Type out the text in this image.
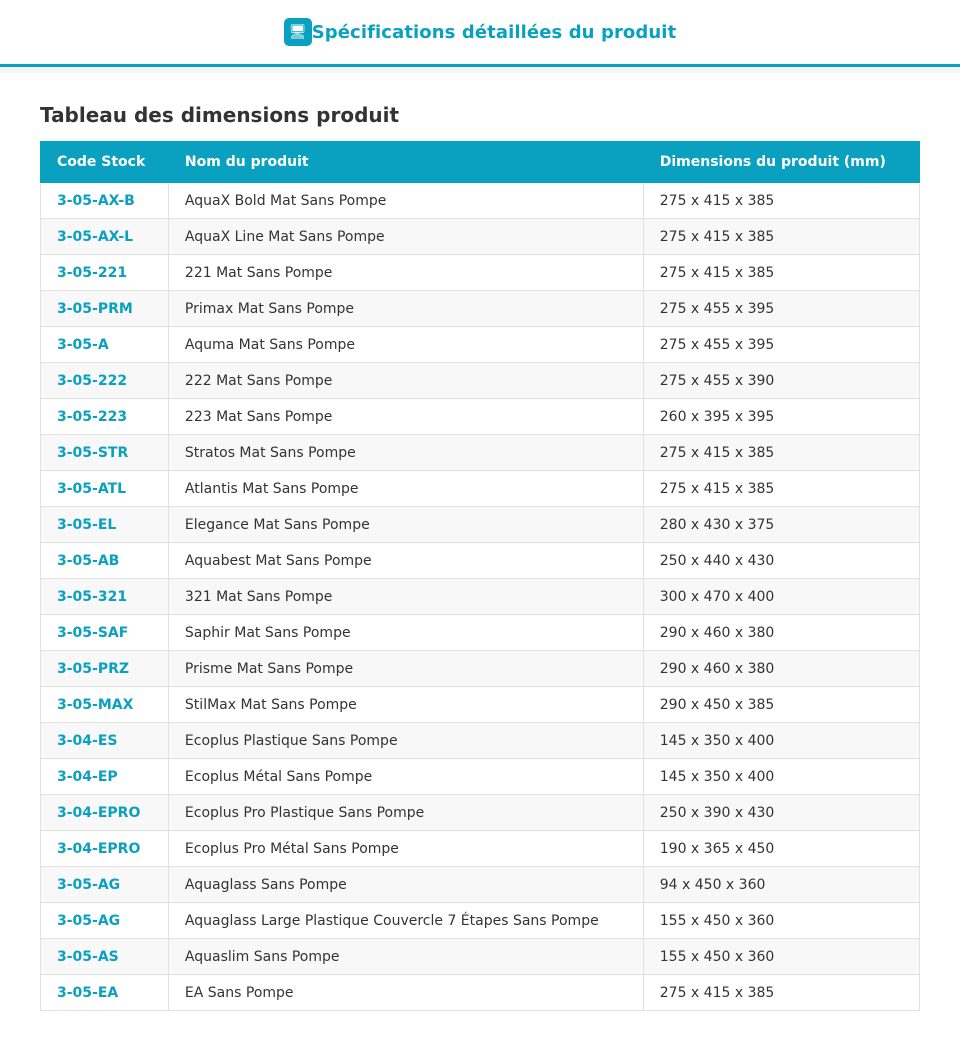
🖥 Spécifications détaillées du produit
Tableau des dimensions produit
Code Stock	Nom du produit	Dimensions du produit (mm)
3-05-AX-B	AquaX Bold Mat Sans Pompe	275 x 415 x 385
3-05-AX-L	AquaX Line Mat Sans Pompe	275 x 415 x 385
3-05-221	221 Mat Sans Pompe	275 x 415 x 385
3-05-PRM	Primax Mat Sans Pompe	275 x 455 x 395
3-05-A	Aquma Mat Sans Pompe	275 x 455 x 395
3-05-222	222 Mat Sans Pompe	275 x 455 x 390
3-05-223	223 Mat Sans Pompe	260 x 395 x 395
3-05-STR	Stratos Mat Sans Pompe	275 x 415 x 385
3-05-ATL	Atlantis Mat Sans Pompe	275 x 415 x 385
3-05-EL	Elegance Mat Sans Pompe	280 x 430 x 375
3-05-AB	Aquabest Mat Sans Pompe	250 x 440 x 430
3-05-321	321 Mat Sans Pompe	300 x 470 x 400
3-05-SAF	Saphir Mat Sans Pompe	290 x 460 x 380
3-05-PRZ	Prisme Mat Sans Pompe	290 x 460 x 380
3-05-MAX	StilMax Mat Sans Pompe	290 x 450 x 385
3-04-ES	Ecoplus Plastique Sans Pompe	145 x 350 x 400
3-04-EP	Ecoplus Métal Sans Pompe	145 x 350 x 400
3-04-EPRO	Ecoplus Pro Plastique Sans Pompe	250 x 390 x 430
3-04-EPRO	Ecoplus Pro Métal Sans Pompe	190 x 365 x 450
3-05-AG	Aquaglass Sans Pompe	94 x 450 x 360
3-05-AG	Aquaglass Large Plastique Couvercle 7 Étapes Sans Pompe	155 x 450 x 360
3-05-AS	Aquaslim Sans Pompe	155 x 450 x 360
3-05-EA	EA Sans Pompe	275 x 415 x 385
